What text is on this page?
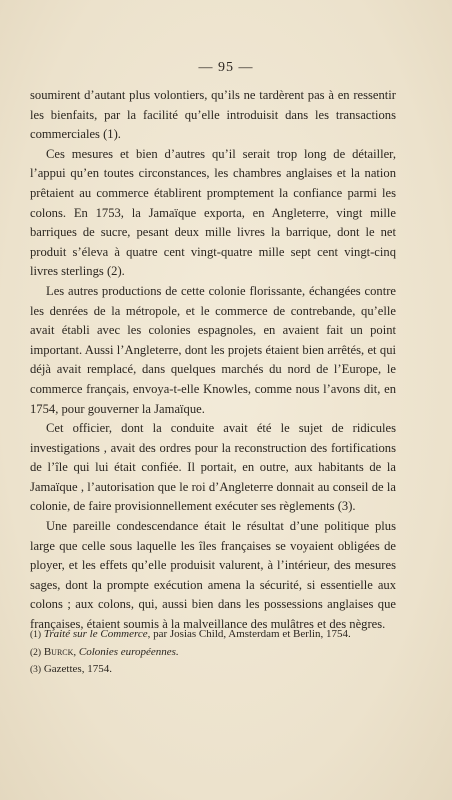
— 95 —

soumirent d’autant plus volontiers, qu’ils ne tardèrent pas à en ressentir les bienfaits, par la facilité qu’elle introduisit dans les transactions commerciales (1).

Ces mesures et bien d’autres qu’il serait trop long de détailler, l’appui qu’en toutes circonstances, les chambres anglaises et la nation prêtaient au commerce établirent promptement la confiance parmi les colons. En 1753, la Jamaïque exporta, en Angleterre, vingt mille barriques de sucre, pesant deux mille livres la barrique, dont le net produit s’éleva à quatre cent vingt-quatre mille sept cent vingt-cinq livres sterlings (2).

Les autres productions de cette colonie florissante, échangées contre les denrées de la métropole, et le commerce de contrebande, qu’elle avait établi avec les colonies espagnoles, en avaient fait un point important. Aussi l’Angleterre, dont les projets étaient bien arrêtés, et qui déjà avait remplacé, dans quelques marchés du nord de l’Europe, le commerce français, envoya-t-elle Knowles, comme nous l’avons dit, en 1754, pour gouverner la Jamaïque.

Cet officier, dont la conduite avait été le sujet de ridicules investigations , avait des ordres pour la reconstruction des fortifications de l’île qui lui était confiée. Il portait, en outre, aux habitants de la Jamaïque , l’autorisation que le roi d’Angleterre donnait au conseil de la colonie, de faire provisionnellement exécuter ses règlements (3).

Une pareille condescendance était le résultat d’une politique plus large que celle sous laquelle les îles françaises se voyaient obligées de ployer, et les effets qu’elle produisit valurent, à l’intérieur, des mesures sages, dont la prompte exécution amena la sécurité, si essentielle aux colons ; aux colons, qui, aussi bien dans les possessions anglaises que françaises, étaient soumis à la malveillance des mulâtres et des nègres.

(1) Traité sur le Commerce, par Josias Child, Amsterdam et Berlin, 1754.

(2) Burck, Colonies européennes.

(3) Gazettes, 1754.
